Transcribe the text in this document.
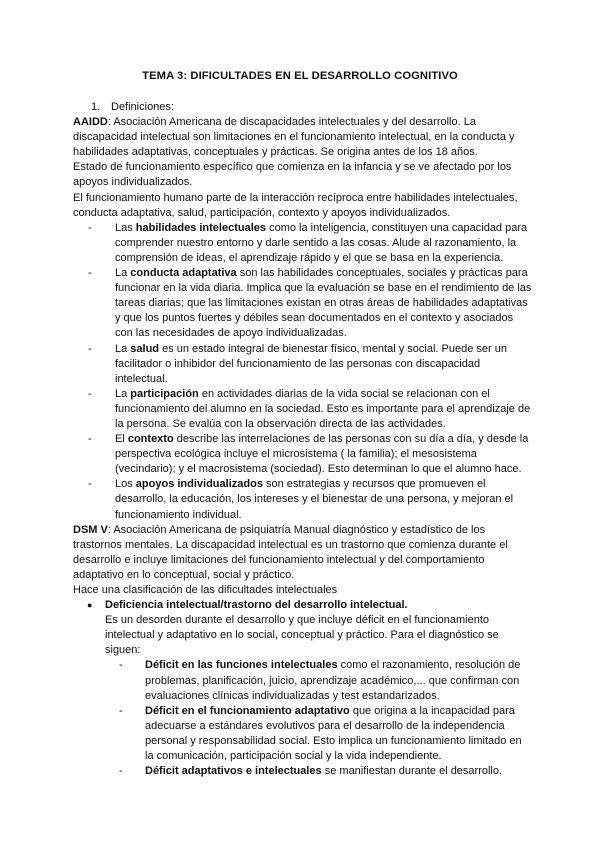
TEMA 3: DIFICULTADES EN EL DESARROLLO COGNITIVO

1. Definiciones:

AAIDD: Asociación Americana de discapacidades intelectuales y del desarrollo. La discapacidad intelectual son limitaciones en el funcionamiento intelectual, en la conducta y habilidades adaptativas, conceptuales y prácticas. Se origina antes de los 18 años.

Estado de funcionamiento específico que comienza en la infancia y se ve afectado por los apoyos individualizados.

El funcionamiento humano parte de la interacción recíproca entre habilidades intelectuales, conducta adaptativa, salud, participación, contexto y apoyos individualizados.

- Las habilidades intelectuales como la inteligencia, constituyen una capacidad para comprender nuestro entorno y darle sentido a las cosas. Alude al razonamiento, la comprensión de ideas, el aprendizaje rápido y el que se basa en la experiencia.
- La conducta adaptativa son las habilidades conceptuales, sociales y prácticas para funcionar en la vida diaria. Implica que la evaluación se base en el rendimiento de las tareas diarias; que las limitaciones existan en otras áreas de habilidades adaptativas y que los puntos fuertes y débiles sean documentados en el contexto y asociados con las necesidades de apoyo individualizadas.
- La salud es un estado integral de bienestar físico, mental y social. Puede ser un facilitador o inhibidor del funcionamiento de las personas con discapacidad intelectual.
- La participación en actividades diarias de la vida social se relacionan con el funcionamiento del alumno en la sociedad. Esto es importante para el aprendizaje de la persona. Se evalúa con la observación directa de las actividades.
- El contexto describe las interrelaciones de las personas con su día a día, y desde la perspectiva ecológica incluye el microsistema ( la familia); el mesosistema (vecindario); y el macrosistema (sociedad). Esto determinan lo que el alumno hace.
- Los apoyos individualizados son estrategias y recursos que promueven el desarrollo, la educación, los intereses y el bienestar de una persona, y mejoran el funcionamiento individual.

DSM V: Asociación Americana de psiquiatría Manual diagnóstico y estadístico de los trastornos mentales. La discapacidad intelectual es un trastorno que comienza durante el desarrollo e incluye limitaciones del funcionamiento intelectual y del comportamiento adaptativo en lo conceptual, social y práctico.

Hace una clasificación de las dificultades intelectuales

● Deficiencia intelectual/trastorno del desarrollo intelectual.
Es un desorden durante el desarrollo y que incluye déficit en el funcionamiento intelectual y adaptativo en lo social, conceptual y práctico. Para el diagnóstico se siguen:
- Déficit en las funciones intelectuales como el razonamiento, resolución de problemas, planificación, juicio, aprendizaje académico,... que confirman con evaluaciones clínicas individualizadas y test estandarizados.
- Déficit en el funcionamiento adaptativo que origina a la incapacidad para adecuarse a estándares evolutivos para el desarrollo de la independencia personal y responsabilidad social. Esto implica un funcionamiento limitado en la comunicación, participación social y la vida independiente.
- Déficit adaptativos e intelectuales se manifiestan durante el desarrollo.
